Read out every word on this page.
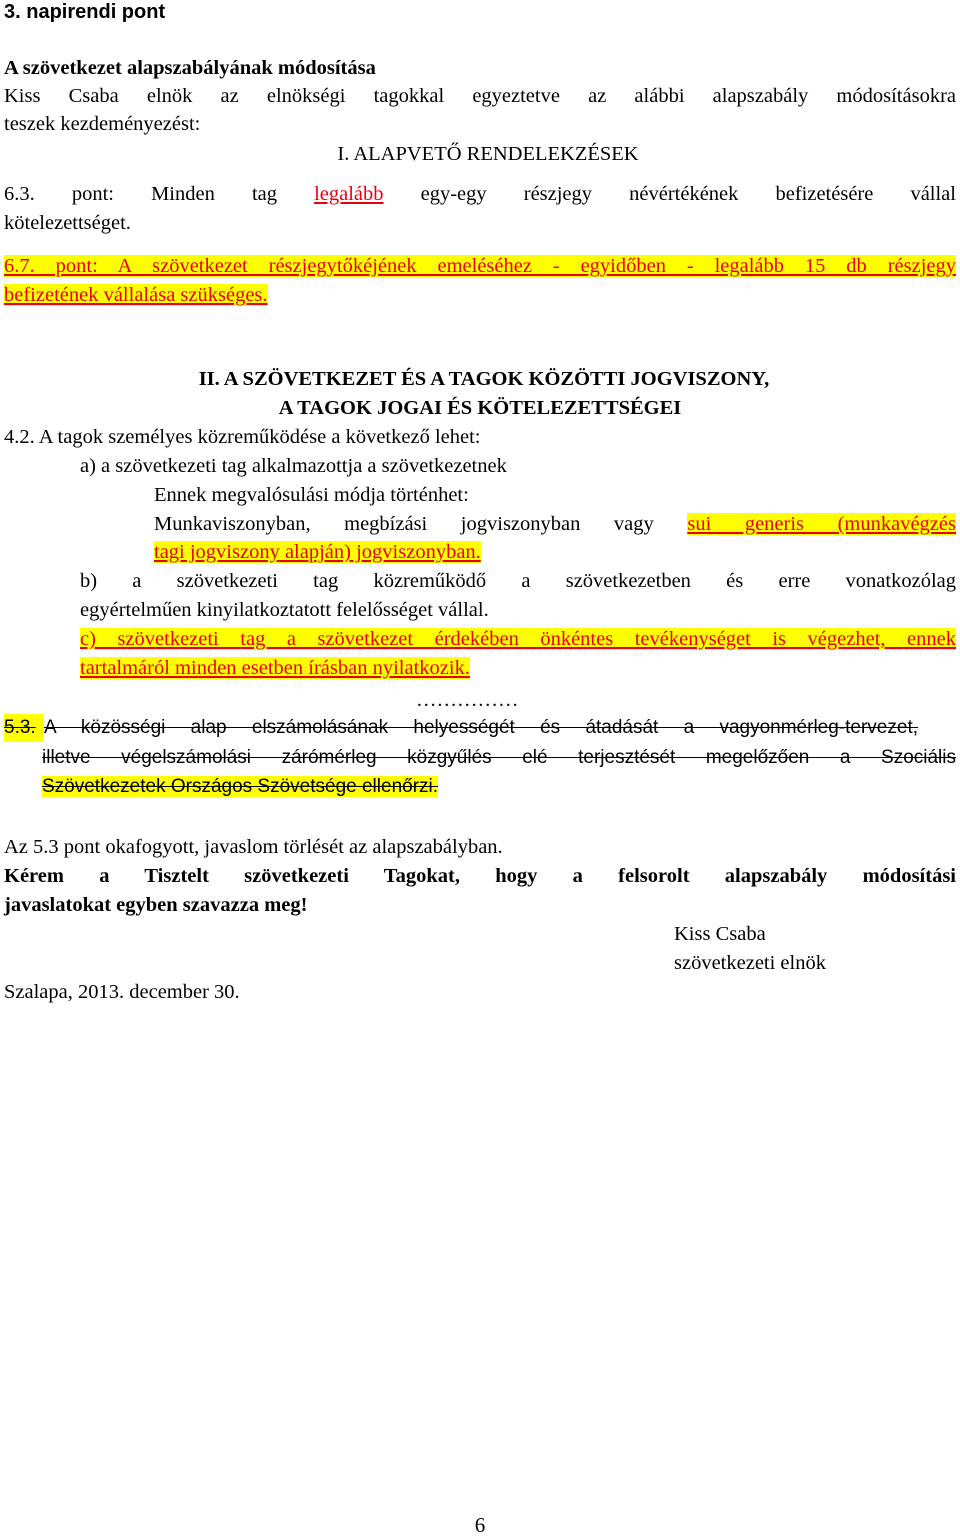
3. napirendi pont
A szövetkezet alapszabályának módosítása
Kiss Csaba elnök az elnökségi tagokkal egyeztetve az alábbi alapszabály módosításokra
teszek kezdeményezést:
I. ALAPVETŐ RENDELEKZÉSEK
6.3. pont: Minden tag legalább egy-egy részjegy névértékének befizetésére vállal
kötelezettséget.
6.7. pont: A szövetkezet részjegytőkéjének emeléséhez - egyidőben - legalább 15 db részjegy
befizetének vállalása szükséges.
II. A SZÖVETKEZET ÉS A TAGOK KÖZÖTTI JOGVISZONY,
A TAGOK JOGAI ÉS KÖTELEZETTSÉGEI
4.2. A tagok személyes közreműködése a következő lehet:
a) a szövetkezeti tag alkalmazottja a szövetkezetnek
Ennek megvalósulási módja történhet:
Munkaviszonyban, megbízási jogviszonyban vagy sui generis (munkavégzés
tagi jogviszony alapján) jogviszonyban.
b) a szövetkezeti tag közreműködő a szövetkezetben és erre vonatkozólag
egyértelműen kinyilatkoztatott felelősséget vállal.
c) szövetkezeti tag a szövetkezet érdekében önkéntes tevékenységet is végezhet, ennek
tartalmáról minden esetben írásban nyilatkozik.
……………
5.3. A közösségi alap elszámolásának helyességét és átadását a vagyonmérleg-tervezet,
illetve végelszámolási zárómérleg közgyűlés elé terjesztését megelőzően a Szociális
Szövetkezetek Országos Szövetsége ellenőrzi.
Az 5.3 pont okafogyott, javaslom törlését az alapszabályban.
Kérem a Tisztelt szövetkezeti Tagokat, hogy a felsorolt alapszabály módosítási
javaslatokat egyben szavazza meg!
Kiss Csaba
szövetkezeti elnök
Szalapa, 2013. december 30.
6
